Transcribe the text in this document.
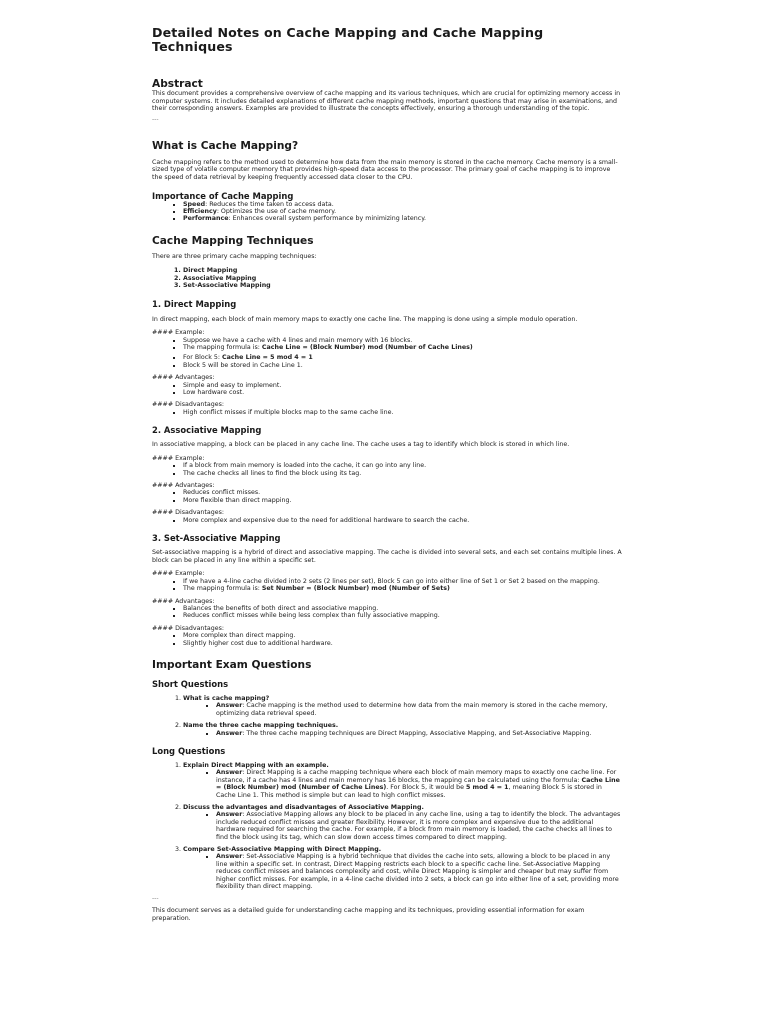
Detailed Notes on Cache Mapping and Cache Mapping Techniques
Abstract

This document provides a comprehensive overview of cache mapping and its various techniques, which are crucial for optimizing memory access in computer systems. It includes detailed explanations of different cache mapping methods, important questions that may arise in examinations, and their corresponding answers. Examples are provided to illustrate the concepts effectively, ensuring a thorough understanding of the topic.

---
What is Cache Mapping?

Cache mapping refers to the method used to determine how data from the main memory is stored in the cache memory. Cache memory is a small-sized type of volatile computer memory that provides high-speed data access to the processor. The primary goal of cache mapping is to improve the speed of data retrieval by keeping frequently accessed data closer to the CPU.

Importance of Cache Mapping
▪ Speed: Reduces the time taken to access data.
▪ Efficiency: Optimizes the use of cache memory.
▪ Performance: Enhances overall system performance by minimizing latency.
Cache Mapping Techniques

There are three primary cache mapping techniques:

1. Direct Mapping
2. Associative Mapping
3. Set-Associative Mapping
1. Direct Mapping

In direct mapping, each block of main memory maps to exactly one cache line. The mapping is done using a simple modulo operation.

#### Example:
▪ Suppose we have a cache with 4 lines and main memory with 16 blocks.
▪ The mapping formula is: Cache Line = (Block Number) mod (Number of Cache Lines)
▪ For Block 5: Cache Line = 5 mod 4 = 1
▪ Block 5 will be stored in Cache Line 1.
#### Advantages:
▪ Simple and easy to implement.
▪ Low hardware cost.
#### Disadvantages:
▪ High conflict misses if multiple blocks map to the same cache line.
2. Associative Mapping

In associative mapping, a block can be placed in any cache line. The cache uses a tag to identify which block is stored in which line.

#### Example:
▪ If a block from main memory is loaded into the cache, it can go into any line.
▪ The cache checks all lines to find the block using its tag.
#### Advantages:
▪ Reduces conflict misses.
▪ More flexible than direct mapping.
#### Disadvantages:
▪ More complex and expensive due to the need for additional hardware to search the cache.
3. Set-Associative Mapping

Set-associative mapping is a hybrid of direct and associative mapping. The cache is divided into several sets, and each set contains multiple lines. A block can be placed in any line within a specific set.

#### Example:
▪ If we have a 4-line cache divided into 2 sets (2 lines per set), Block 5 can go into either line of Set 1 or Set 2 based on the mapping.
▪ The mapping formula is: Set Number = (Block Number) mod (Number of Sets)
#### Advantages:
▪ Balances the benefits of both direct and associative mapping.
▪ Reduces conflict misses while being less complex than fully associative mapping.
#### Disadvantages:
▪ More complex than direct mapping.
▪ Slightly higher cost due to additional hardware.
Important Exam Questions
Short Questions
1. What is cache mapping?
▪ Answer: Cache mapping is the method used to determine how data from the main memory is stored in the cache memory, optimizing data retrieval speed.
2. Name the three cache mapping techniques.
▪ Answer: The three cache mapping techniques are Direct Mapping, Associative Mapping, and Set-Associative Mapping.
Long Questions
1. Explain Direct Mapping with an example.
▪ Answer: Direct Mapping is a cache mapping technique where each block of main memory maps to exactly one cache line. For instance, if a cache has 4 lines and main memory has 16 blocks, the mapping can be calculated using the formula: Cache Line = (Block Number) mod (Number of Cache Lines). For Block 5, it would be 5 mod 4 = 1, meaning Block 5 is stored in Cache Line 1. This method is simple but can lead to high conflict misses.
2. Discuss the advantages and disadvantages of Associative Mapping.
▪ Answer: Associative Mapping allows any block to be placed in any cache line, using a tag to identify the block. The advantages include reduced conflict misses and greater flexibility. However, it is more complex and expensive due to the additional hardware required for searching the cache. For example, if a block from main memory is loaded, the cache checks all lines to find the block using its tag, which can slow down access times compared to direct mapping.
3. Compare Set-Associative Mapping with Direct Mapping.
▪ Answer: Set-Associative Mapping is a hybrid technique that divides the cache into sets, allowing a block to be placed in any line within a specific set. In contrast, Direct Mapping restricts each block to a specific cache line. Set-Associative Mapping reduces conflict misses and balances complexity and cost, while Direct Mapping is simpler and cheaper but may suffer from higher conflict misses. For example, in a 4-line cache divided into 2 sets, a block can go into either line of a set, providing more flexibility than direct mapping.
---

This document serves as a detailed guide for understanding cache mapping and its techniques, providing essential information for exam preparation.
